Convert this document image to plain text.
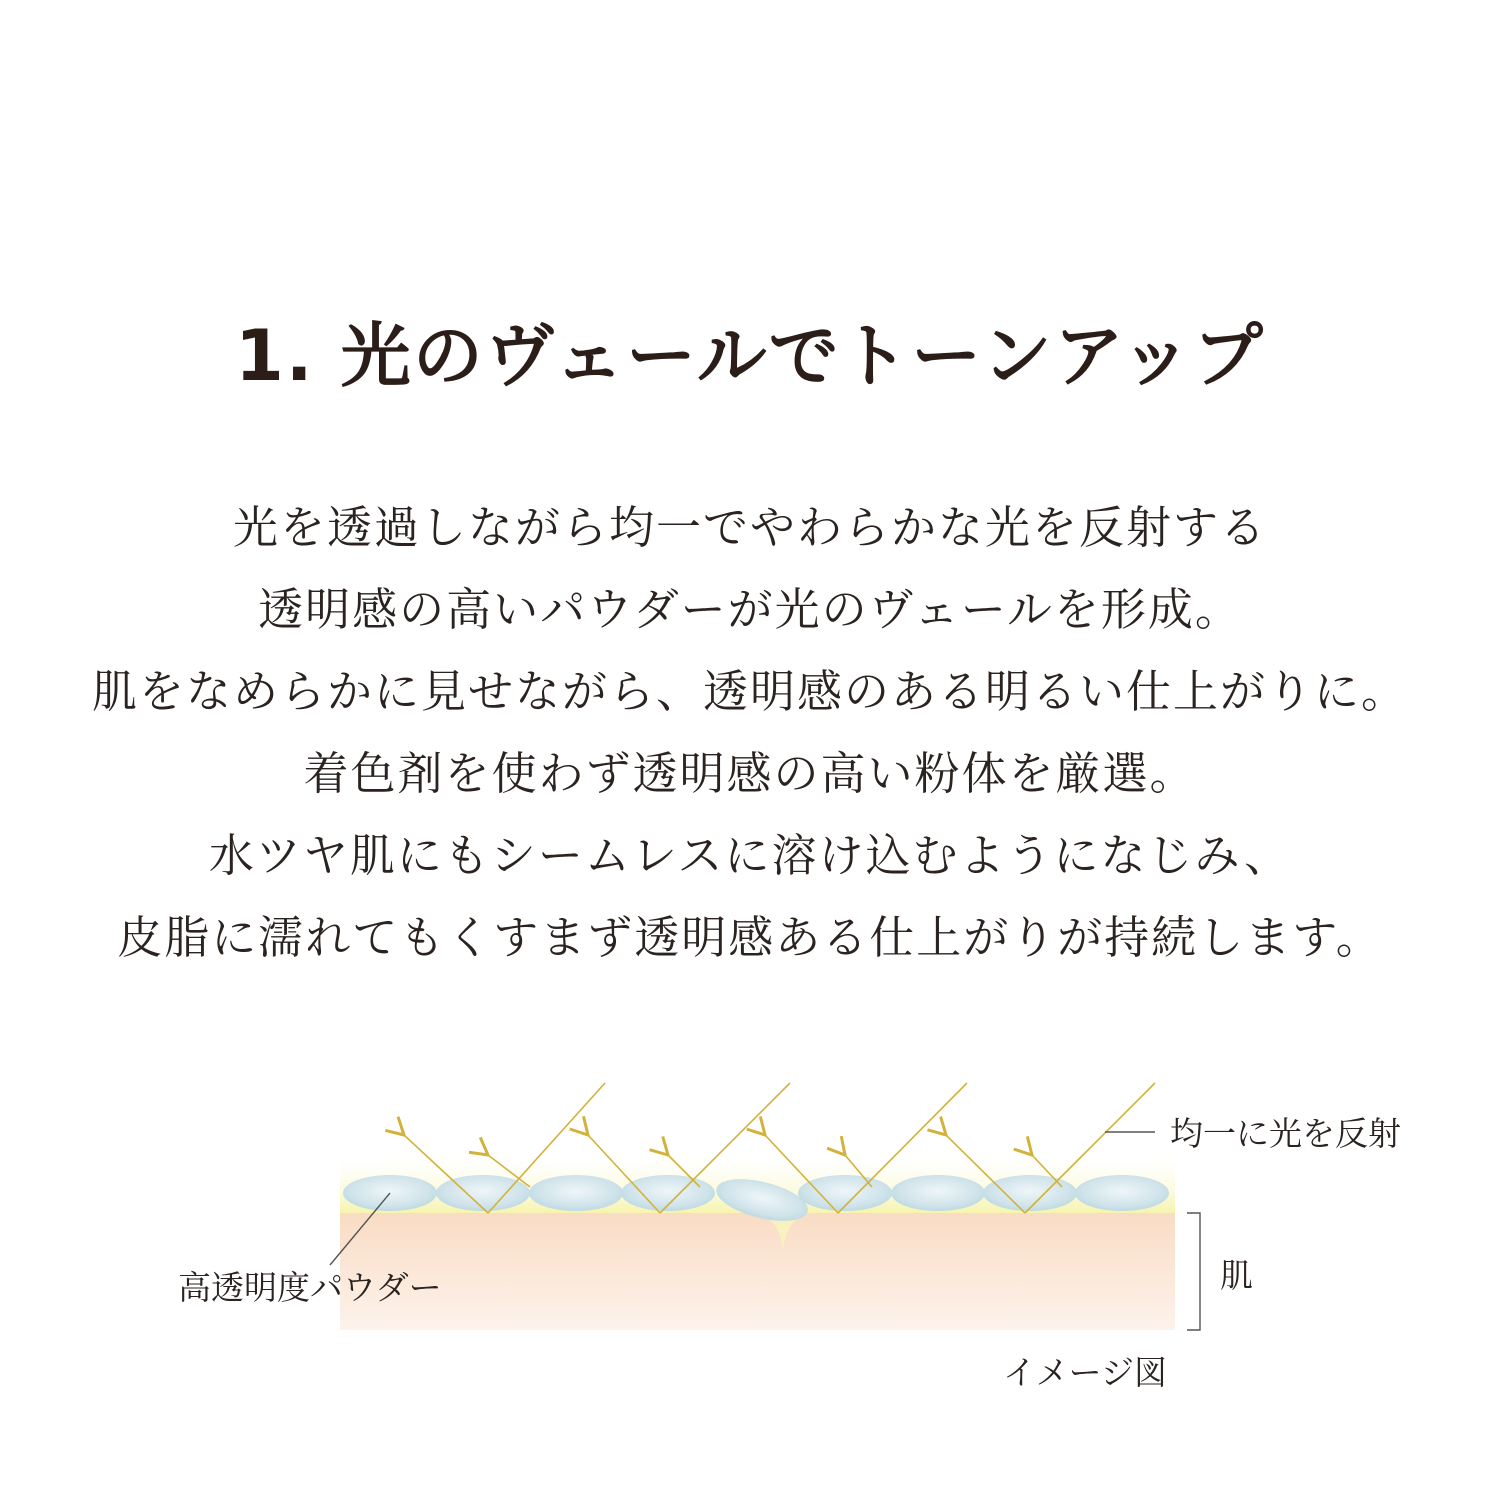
1. 光のヴェールでトーンアップ
光を透過しながら均一でやわらかな光を反射する
透明感の高いパウダーが光のヴェールを形成。
肌をなめらかに見せながら、透明感のある明るい仕上がりに。
着色剤を使わず透明感の高い粉体を厳選。
水ツヤ肌にもシームレスに溶け込むようになじみ、
皮脂に濡れてもくすまず透明感ある仕上がりが持続します。
均一に光を反射
高透明度パウダー	肌
イメージ図
